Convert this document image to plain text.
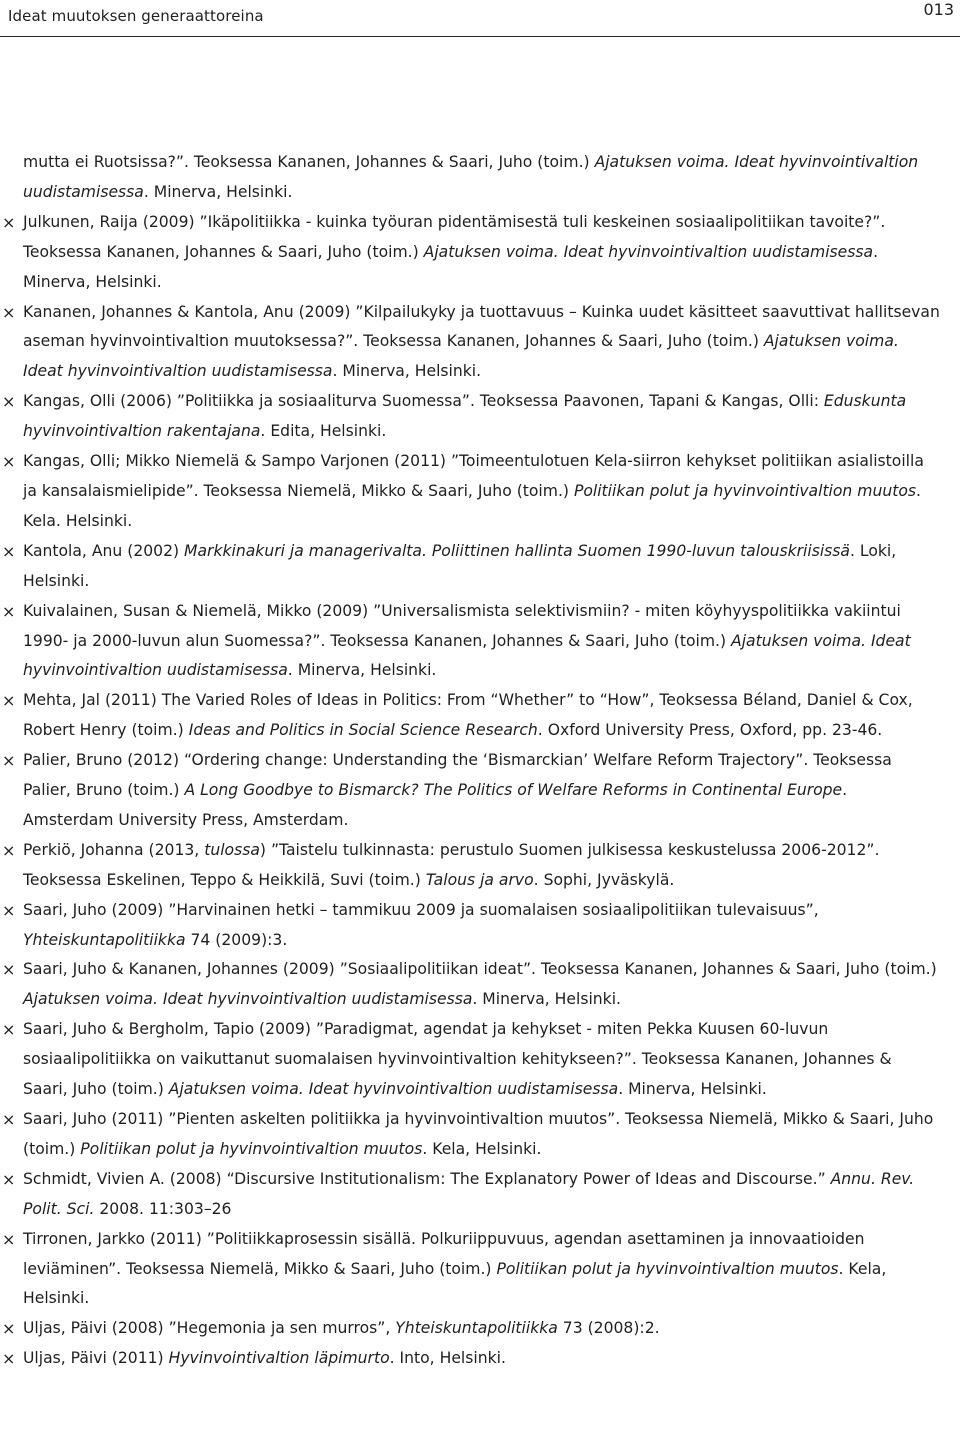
Ideat muutoksen generaattoreina	013
mutta ei Ruotsissa?”. Teoksessa Kananen, Johannes & Saari, Juho (toim.) Ajatuksen voima. Ideat hyvinvointivaltion uudistamisessa. Minerva, Helsinki.
× Julkunen, Raija (2009) ”Ikäpolitiikka - kuinka työuran pidentämisestä tuli keskeinen sosiaalipolitiikan tavoite?”. Teoksessa Kananen, Johannes & Saari, Juho (toim.) Ajatuksen voima. Ideat hyvinvointivaltion uudistamisessa. Minerva, Helsinki.
× Kananen, Johannes & Kantola, Anu (2009) ”Kilpailukyky ja tuottavuus – Kuinka uudet käsitteet saavuttivat hallitsevan aseman hyvinvointivaltion muutoksessa?”. Teoksessa Kananen, Johannes & Saari, Juho (toim.) Ajatuksen voima. Ideat hyvinvointivaltion uudistamisessa. Minerva, Helsinki.
× Kangas, Olli (2006) ”Politiikka ja sosiaaliturva Suomessa”. Teoksessa Paavonen, Tapani & Kangas, Olli: Eduskunta hyvinvointivaltion rakentajana. Edita, Helsinki.
× Kangas, Olli; Mikko Niemelä & Sampo Varjonen (2011) ”Toimeentulotuen Kela-siirron kehykset politiikan asialistoilla ja kansalaismielipide”. Teoksessa Niemelä, Mikko & Saari, Juho (toim.) Politiikan polut ja hyvinvointivaltion muutos. Kela. Helsinki.
× Kantola, Anu (2002) Markkinakuri ja managerivalta. Poliittinen hallinta Suomen 1990-luvun talouskriisissä. Loki, Helsinki.
× Kuivalainen, Susan & Niemelä, Mikko (2009) ”Universalismista selektivismiin? - miten köyhyyspolitiikka vakiintui 1990- ja 2000-luvun alun Suomessa?”. Teoksessa Kananen, Johannes & Saari, Juho (toim.) Ajatuksen voima. Ideat hyvinvointivaltion uudistamisessa. Minerva, Helsinki.
× Mehta, Jal (2011) The Varied Roles of Ideas in Politics: From “Whether” to “How”, Teoksessa Béland, Daniel & Cox, Robert Henry (toim.) Ideas and Politics in Social Science Research. Oxford University Press, Oxford, pp. 23-46.
× Palier, Bruno (2012) “Ordering change: Understanding the ‘Bismarckian’ Welfare Reform Trajectory”. Teoksessa Palier, Bruno (toim.) A Long Goodbye to Bismarck? The Politics of Welfare Reforms in Continental Europe. Amsterdam University Press, Amsterdam.
× Perkiö, Johanna (2013, tulossa) ”Taistelu tulkinnasta: perustulo Suomen julkisessa keskustelussa 2006-2012”. Teoksessa Eskelinen, Teppo & Heikkilä, Suvi (toim.) Talous ja arvo. Sophi, Jyväskylä.
× Saari, Juho (2009) ”Harvinainen hetki – tammikuu 2009 ja suomalaisen sosiaalipolitiikan tulevaisuus”, Yhteiskuntapolitiikka 74 (2009):3.
× Saari, Juho & Kananen, Johannes (2009) ”Sosiaalipolitiikan ideat”. Teoksessa Kananen, Johannes & Saari, Juho (toim.) Ajatuksen voima. Ideat hyvinvointivaltion uudistamisessa. Minerva, Helsinki.
× Saari, Juho & Bergholm, Tapio (2009) ”Paradigmat, agendat ja kehykset - miten Pekka Kuusen 60-luvun sosiaalipolitiikka on vaikuttanut suomalaisen hyvinvointivaltion kehitykseen?”. Teoksessa Kananen, Johannes & Saari, Juho (toim.) Ajatuksen voima. Ideat hyvinvointivaltion uudistamisessa. Minerva, Helsinki.
× Saari, Juho (2011) ”Pienten askelten politiikka ja hyvinvointivaltion muutos”. Teoksessa Niemelä, Mikko & Saari, Juho (toim.) Politiikan polut ja hyvinvointivaltion muutos. Kela, Helsinki.
× Schmidt, Vivien A. (2008) “Discursive Institutionalism: The Explanatory Power of Ideas and Discourse.” Annu. Rev. Polit. Sci. 2008. 11:303–26
× Tirronen, Jarkko (2011) ”Politiikkaprosessin sisällä. Polkuriippuvuus, agendan asettaminen ja innovaatioiden leviäminen”. Teoksessa Niemelä, Mikko & Saari, Juho (toim.) Politiikan polut ja hyvinvointivaltion muutos. Kela, Helsinki.
× Uljas, Päivi (2008) ”Hegemonia ja sen murros”, Yhteiskuntapolitiikka 73 (2008):2.
× Uljas, Päivi (2011) Hyvinvointivaltion läpimurto. Into, Helsinki.
